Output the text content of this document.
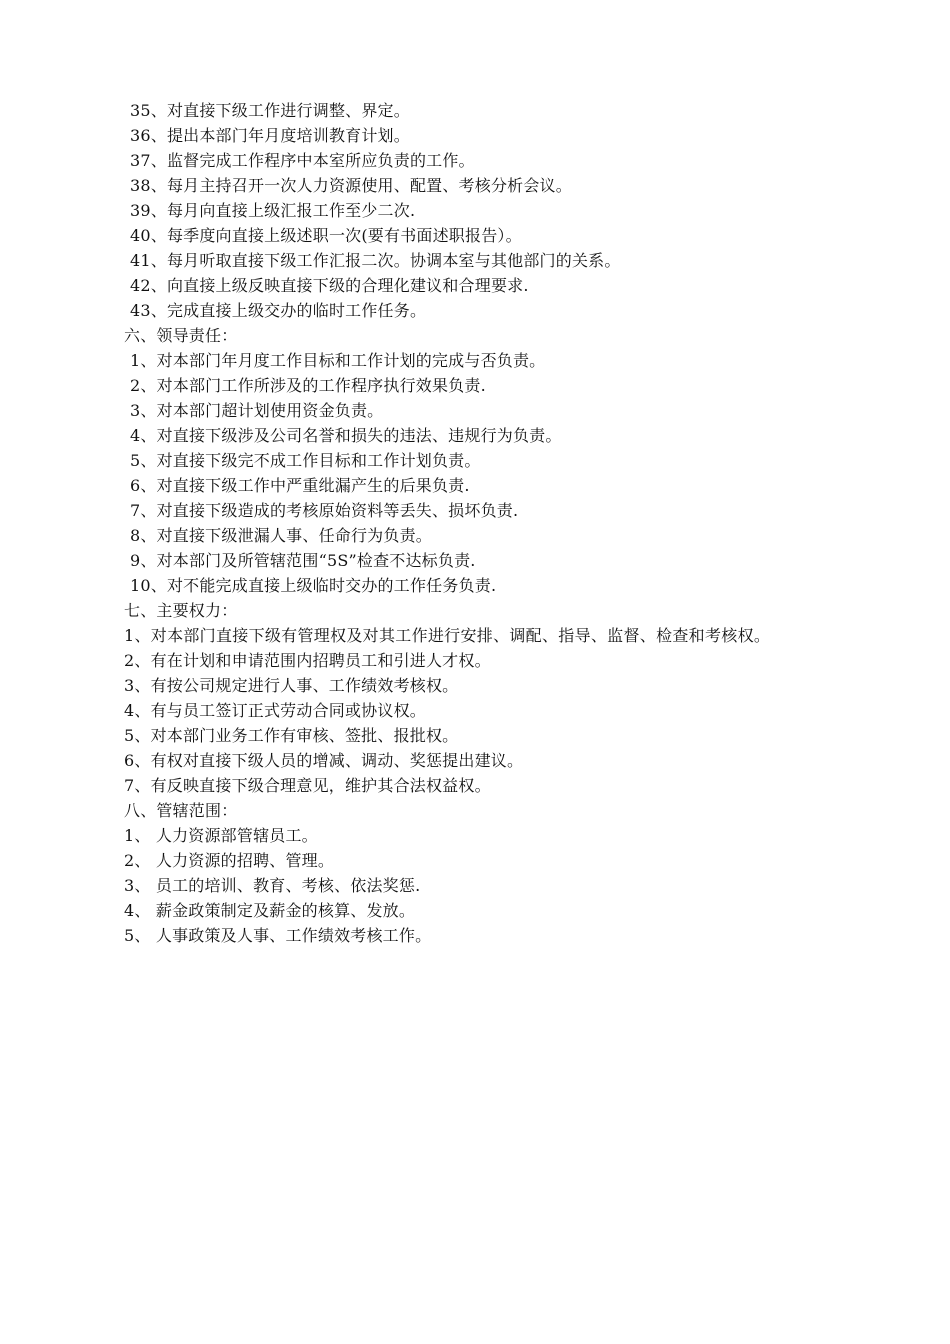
35、对直接下级工作进行调整、界定。
36、提出本部门年月度培训教育计划。
37、监督完成工作程序中本室所应负责的工作。
38、每月主持召开一次人力资源使用、配置、考核分析会议。
39、每月向直接上级汇报工作至少二次.
40、每季度向直接上级述职一次(要有书面述职报告）。
41、每月听取直接下级工作汇报二次。协调本室与其他部门的关系。
42、向直接上级反映直接下级的合理化建议和合理要求.
43、完成直接上级交办的临时工作任务。
六、领导责任：
1、对本部门年月度工作目标和工作计划的完成与否负责。
2、对本部门工作所涉及的工作程序执行效果负责.
3、对本部门超计划使用资金负责。
4、对直接下级涉及公司名誉和损失的违法、违规行为负责。
5、对直接下级完不成工作目标和工作计划负责。
6、对直接下级工作中严重纰漏产生的后果负责.
7、对直接下级造成的考核原始资料等丢失、损坏负责.
8、对直接下级泄漏人事、任命行为负责。
9、对本部门及所管辖范围“5S”检查不达标负责.
10、对不能完成直接上级临时交办的工作任务负责.
七、主要权力：
1、对本部门直接下级有管理权及对其工作进行安排、调配、指导、监督、检查和考核权。
2、有在计划和申请范围内招聘员工和引进人才权。
3、有按公司规定进行人事、工作绩效考核权。
4、有与员工签订正式劳动合同或协议权。
5、对本部门业务工作有审核、签批、报批权。
6、有权对直接下级人员的增减、调动、奖惩提出建议。
7、有反映直接下级合理意见，维护其合法权益权。
八、管辖范围：
1、 人力资源部管辖员工。
2、 人力资源的招聘、管理。
3、 员工的培训、教育、考核、依法奖惩.
4、 薪金政策制定及薪金的核算、发放。
5、 人事政策及人事、工作绩效考核工作。
